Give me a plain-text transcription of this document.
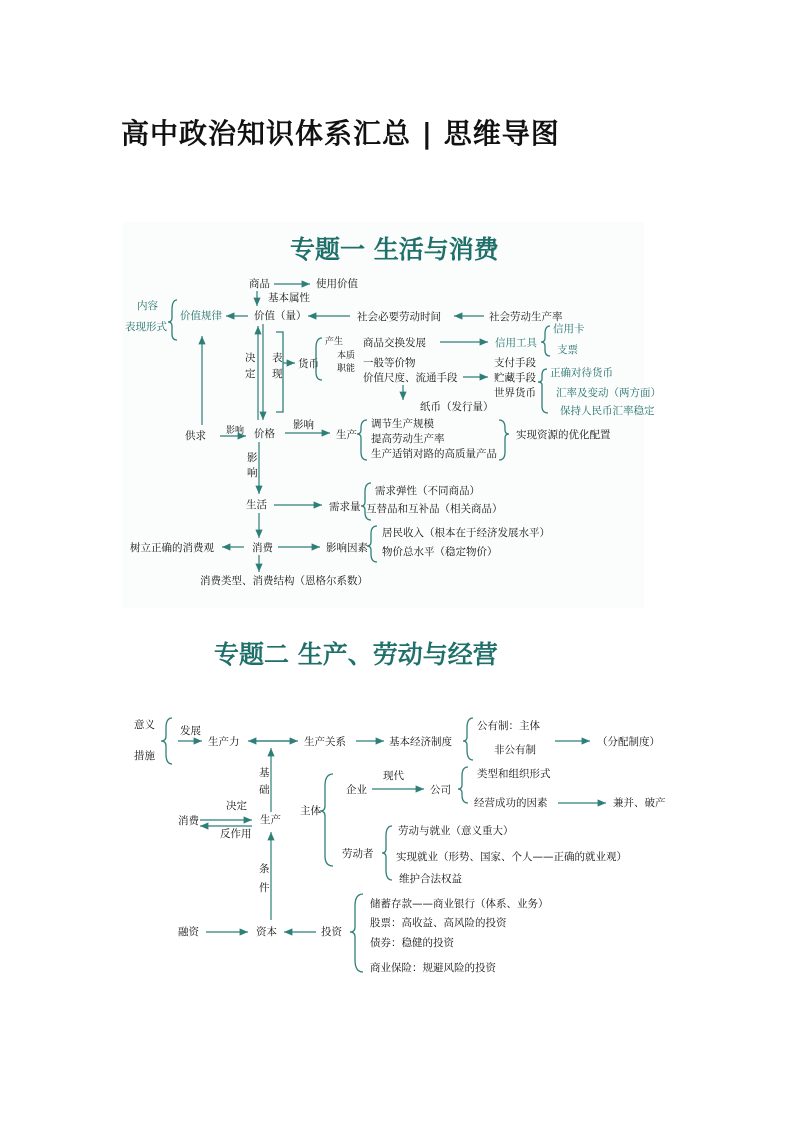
高中政治知识体系汇总 | 思维导图
专题一 生活与消费
商品	使用价值
基本属性
内容
表现形式
价值规律	价值（量）	社会必要劳动时间	社会劳动生产率
信用卡
支票
产生 商品交换发展	信用工具
决
定
表
现
货币
本质
职能 一般等价物	支付手段
正确对待货币
价值尺度、流通手段	贮藏手段
世界货币 汇率及变动（两方面）
保持人民币汇率稳定
纸币（发行量）
供求 影响 价格
影响
生产
调节生产规模
提高劳动生产率
生产适销对路的高质量产品
实现资源的优化配置
影
响
生活	需求量
需求弹性（不同商品）
互替品和互补品（相关商品）
树立正确的消费观	消费	影响因素
居民收入（根本在于经济发展水平）
物价总水平（稳定物价）
消费类型、消费结构（恩格尔系数）
专题二 生产、劳动与经营
意义
措施
发展
生产力	生产关系	基本经济制度
公有制：主体
非公有制
（分配制度）
基
础
现代
企业	公司
类型和组织形式
主体
经营成功的因素	兼并、破产
消费
决定
生产
反作用	劳动与就业（意义重大）
劳动者 实现就业（形势、国家、个人——正确的就业观）
维护合法权益
条
件
储蓄存款——商业银行（体系、业务）
股票：高收益、高风险的投资
债券：稳健的投资
融资	资本	投资
商业保险：规避风险的投资
